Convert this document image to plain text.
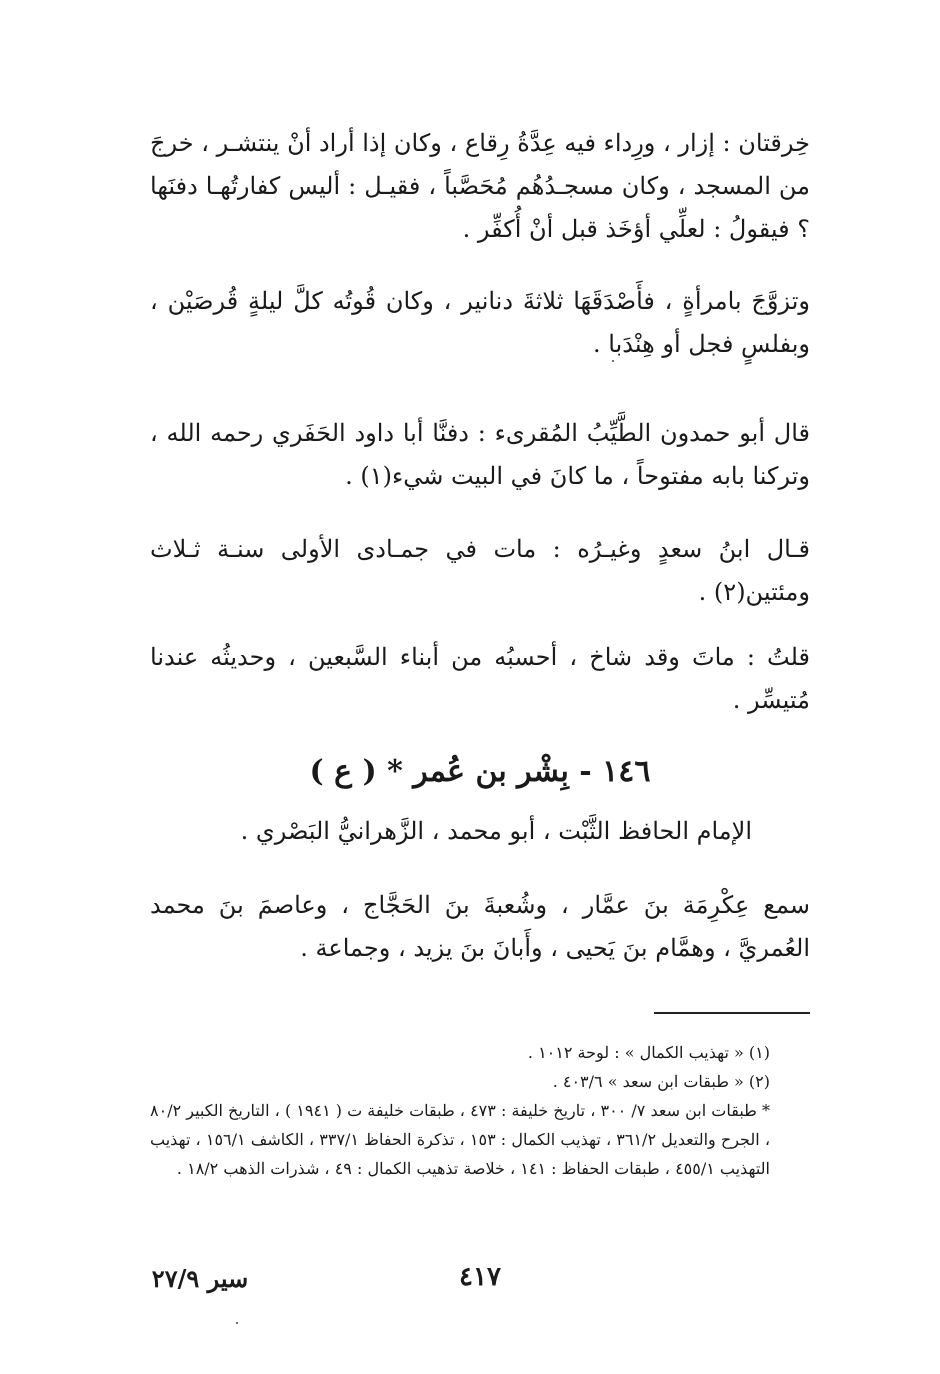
خِرقتان : إزار ، ورِداء فيه عِدَّةُ رِقاع ، وكان إذا أراد أنْ ينتشـر ، خرجَ من المسجد ، وكان مسجـدُهُم مُحَصَّباً ، فقيـل : أليس كفارتُهـا دفنَها ؟ فيقولُ : لعلِّي أؤخَذ قبل أنْ أُكفِّر .
وتزوَّجَ بامرأةٍ ، فأَصْدَقَهَا ثلاثةَ دنانير ، وكان قُوتُه كلَّ ليلةٍ قُرصَيْن ، وبفلسٍ فجل أو هِنْدَبا .
قال أبو حمدون الطَّيِّبُ المُقرىء : دفنَّا أبا داود الحَفَري رحمه الله ، وتركنا بابه مفتوحاً ، ما كانَ في البيت شيء(١) .
قـال ابنُ سعدٍ وغيـرُه : مات في جمـادى الأولى سنـة ثـلاث ومئتين(٢) .
قلتُ : ماتَ وقد شاخ ، أحسبُه من أبناء السَّبعين ، وحديثُه عندنا مُتيسِّر .
١٤٦ - بِشْر بن عُمر * ( ع )
الإمام الحافظ الثَّبْت ، أبو محمد ، الزَّهرانيُّ البَصْري .
سمع عِكْرِمَة بنَ عمَّار ، وشُعبةَ بنَ الحَجَّاج ، وعاصمَ بنَ محمد العُمريَّ ، وهمَّام بنَ يَحيى ، وأَبانَ بنَ يزيد ، وجماعة .
(١) « تهذيب الكمال » : لوحة ١٠١٢ .
(٢) « طبقات ابن سعد » ٤٠٣/٦ .
* طبقات ابن سعد ٧/ ٣٠٠ ، تاريخ خليفة : ٤٧٣ ، طبقات خليفة ت ( ١٩٤١ ) ، التاريخ الكبير ٨٠/٢ ، الجرح والتعديل ٣٦١/٢ ، تهذيب الكمال : ١٥٣ ، تذكرة الحفاظ ٣٣٧/١ ، الكاشف ١٥٦/١ ، تهذيب التهذيب ٤٥٥/١ ، طبقات الحفاظ : ١٤١ ، خلاصة تذهيب الكمال : ٤٩ ، شذرات الذهب ١٨/٢ .
٤١٧
سير ٢٧/٩
